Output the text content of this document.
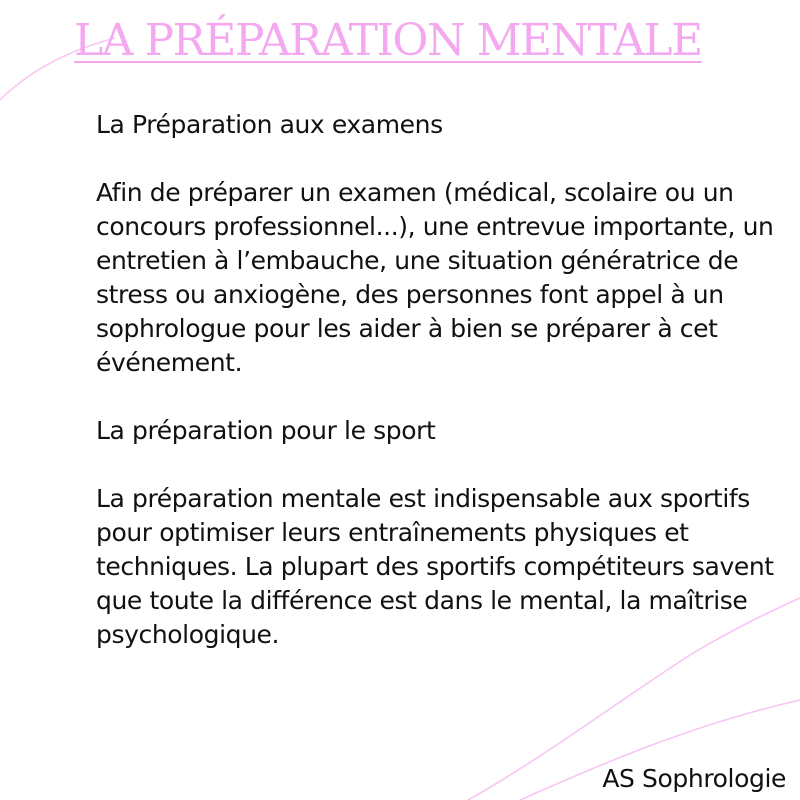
LA PRÉPARATION MENTALE

La Préparation aux examens

Afin de préparer un examen (médical, scolaire ou un concours professionnel...), une entrevue importante, un entretien à l’embauche, une situation génératrice de stress ou anxiogène, des personnes font appel à un sophrologue pour les aider à bien se préparer à cet événement.

La préparation pour le sport

La préparation mentale est indispensable aux sportifs pour optimiser leurs entraînements physiques et techniques. La plupart des sportifs compétiteurs savent que toute la différence est dans le mental, la maîtrise psychologique.

AS Sophrologie
